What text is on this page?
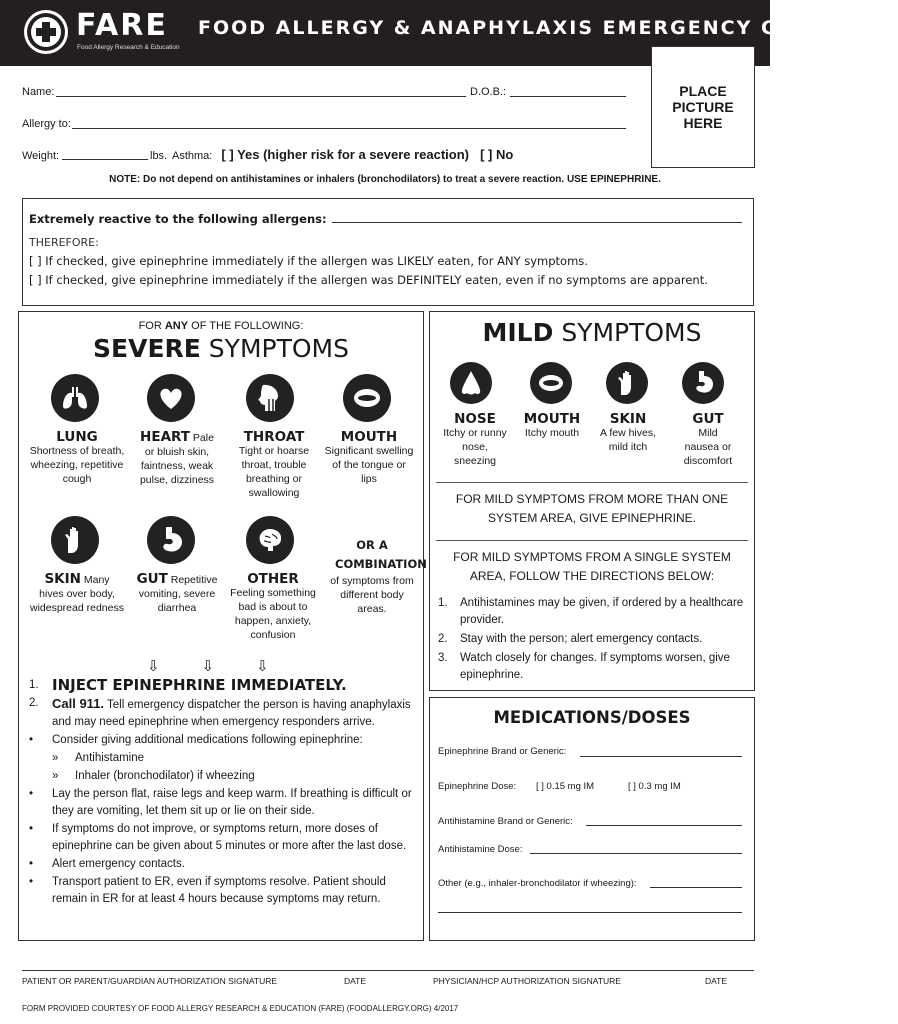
FARE
Food Allergy Research & Education
FOOD ALLERGY & ANAPHYLAXIS EMERGENCY CARE PLAN
PLACE PICTURE HERE
Name:	D.O.B.:
Allergy to:
Weight:	lbs. Asthma: [ ] Yes (higher risk for a severe reaction) [ ] No
NOTE: Do not depend on antihistamines or inhalers (bronchodilators) to treat a severe reaction. USE EPINEPHRINE.
Extremely reactive to the following allergens:
THEREFORE:
[ ] If checked, give epinephrine immediately if the allergen was LIKELY eaten, for ANY symptoms.
[ ] If checked, give epinephrine immediately if the allergen was DEFINITELY eaten, even if no symptoms are apparent.
FOR ANY OF THE FOLLOWING:
SEVERE SYMPTOMS
LUNG
Shortness of breath, wheezing, repetitive cough
HEART Pale
or bluish skin, faintness, weak pulse, dizziness
THROAT
Tight or hoarse throat, trouble breathing or swallowing
MOUTH
Significant swelling of the tongue or lips
SKIN Many
hives over body, widespread redness
GUT Repetitive
vomiting, severe diarrhea
OTHER
Feeling something bad is about to happen, anxiety, confusion
OR A COMBINATION
of symptoms from different body areas.
⇩⇩⇩
1. INJECT EPINEPHRINE IMMEDIATELY.
2.	Call 911. Tell emergency dispatcher the person is having anaphylaxis and may need epinephrine when emergency responders arrive.
•	Consider giving additional medications following epinephrine:
»	Antihistamine
»	Inhaler (bronchodilator) if wheezing
•	Lay the person flat, raise legs and keep warm. If breathing is difficult or they are vomiting, let them sit up or lie on their side.
•	If symptoms do not improve, or symptoms return, more doses of epinephrine can be given about 5 minutes or more after the last dose.
•	Alert emergency contacts.
•	Transport patient to ER, even if symptoms resolve. Patient should remain in ER for at least 4 hours because symptoms may return.
MILD SYMPTOMS
NOSE
Itchy or runny nose, sneezing
MOUTH
Itchy mouth
SKIN
A few hives, mild itch
GUT
Mild nausea or discomfort
FOR MILD SYMPTOMS FROM MORE THAN ONE
SYSTEM AREA, GIVE EPINEPHRINE.
FOR MILD SYMPTOMS FROM A SINGLE SYSTEM
AREA, FOLLOW THE DIRECTIONS BELOW:
1.	Antihistamines may be given, if ordered by a healthcare provider.
2.	Stay with the person; alert emergency contacts.
3.	Watch closely for changes. If symptoms worsen, give epinephrine.
MEDICATIONS/DOSES
Epinephrine Brand or Generic:
Epinephrine Dose: [ ] 0.15 mg IM	[ ] 0.3 mg IM
Antihistamine Brand or Generic:
Antihistamine Dose:
Other (e.g., inhaler-bronchodilator if wheezing):
PATIENT OR PARENT/GUARDIAN AUTHORIZATION SIGNATURE	DATE	PHYSICIAN/HCP AUTHORIZATION SIGNATURE	DATE
FORM PROVIDED COURTESY OF FOOD ALLERGY RESEARCH & EDUCATION (FARE) (FOODALLERGY.ORG) 4/2017
